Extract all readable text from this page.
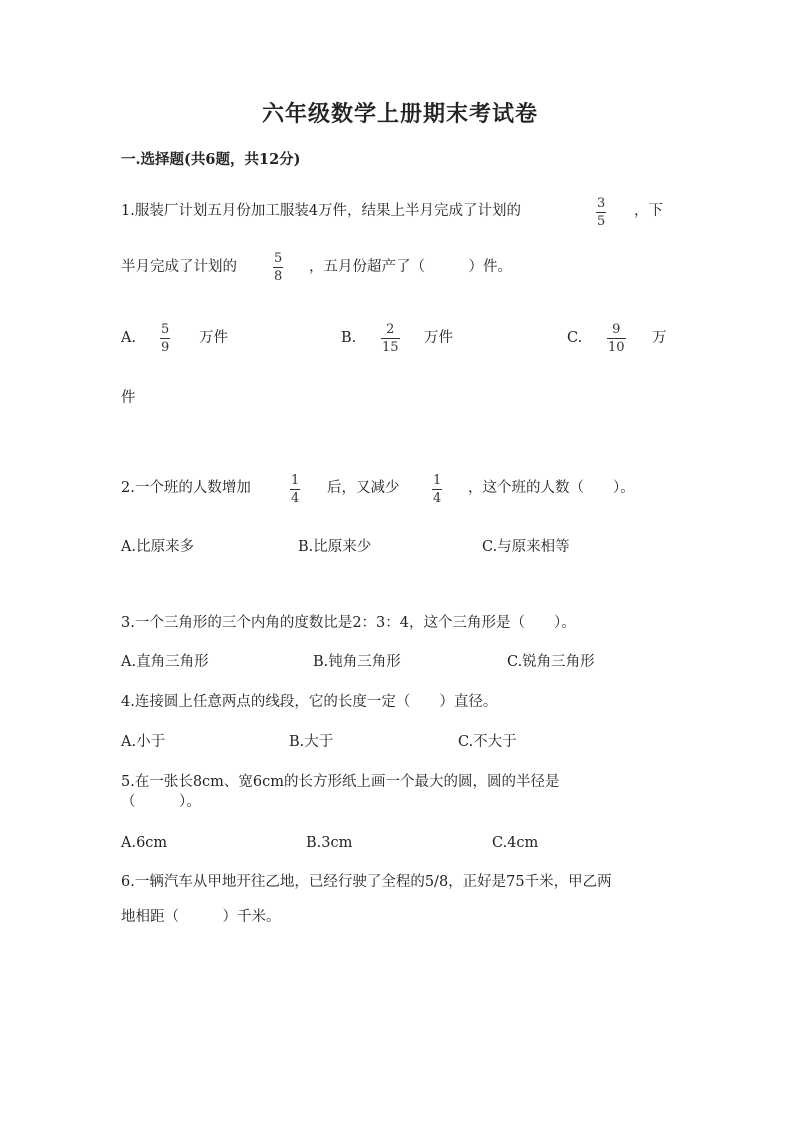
六年级数学上册期末考试卷
一.选择题(共6题，共12分)
1.服装厂计划五月份加工服装4万件，结果上半月完成了计划的	3
5
，下
半月完成了计划的
5
8
，五月份超产了（　　　）件。
A.
5
9
万件	B.
2
15
万件	C.
9
10
万
件
2.一个班的人数增加	1
4
后，又减少	1
4
，这个班的人数（　　）。
A.比原来多	B.比原来少	C.与原来相等
3.一个三角形的三个内角的度数比是2：3：4，这个三角形是（　　）。
A.直角三角形	B.钝角三角形	C.锐角三角形
4.连接圆上任意两点的线段，它的长度一定（　　）直径。
A.小于	B.大于	C.不大于
5.在一张长8cm、宽6cm的长方形纸上画一个最大的圆，圆的半径是
（　　　）。
A.6cm	B.3cm	C.4cm
6.一辆汽车从甲地开往乙地，已经行驶了全程的5/8，正好是75千米，甲乙两
地相距（　　　）千米。
